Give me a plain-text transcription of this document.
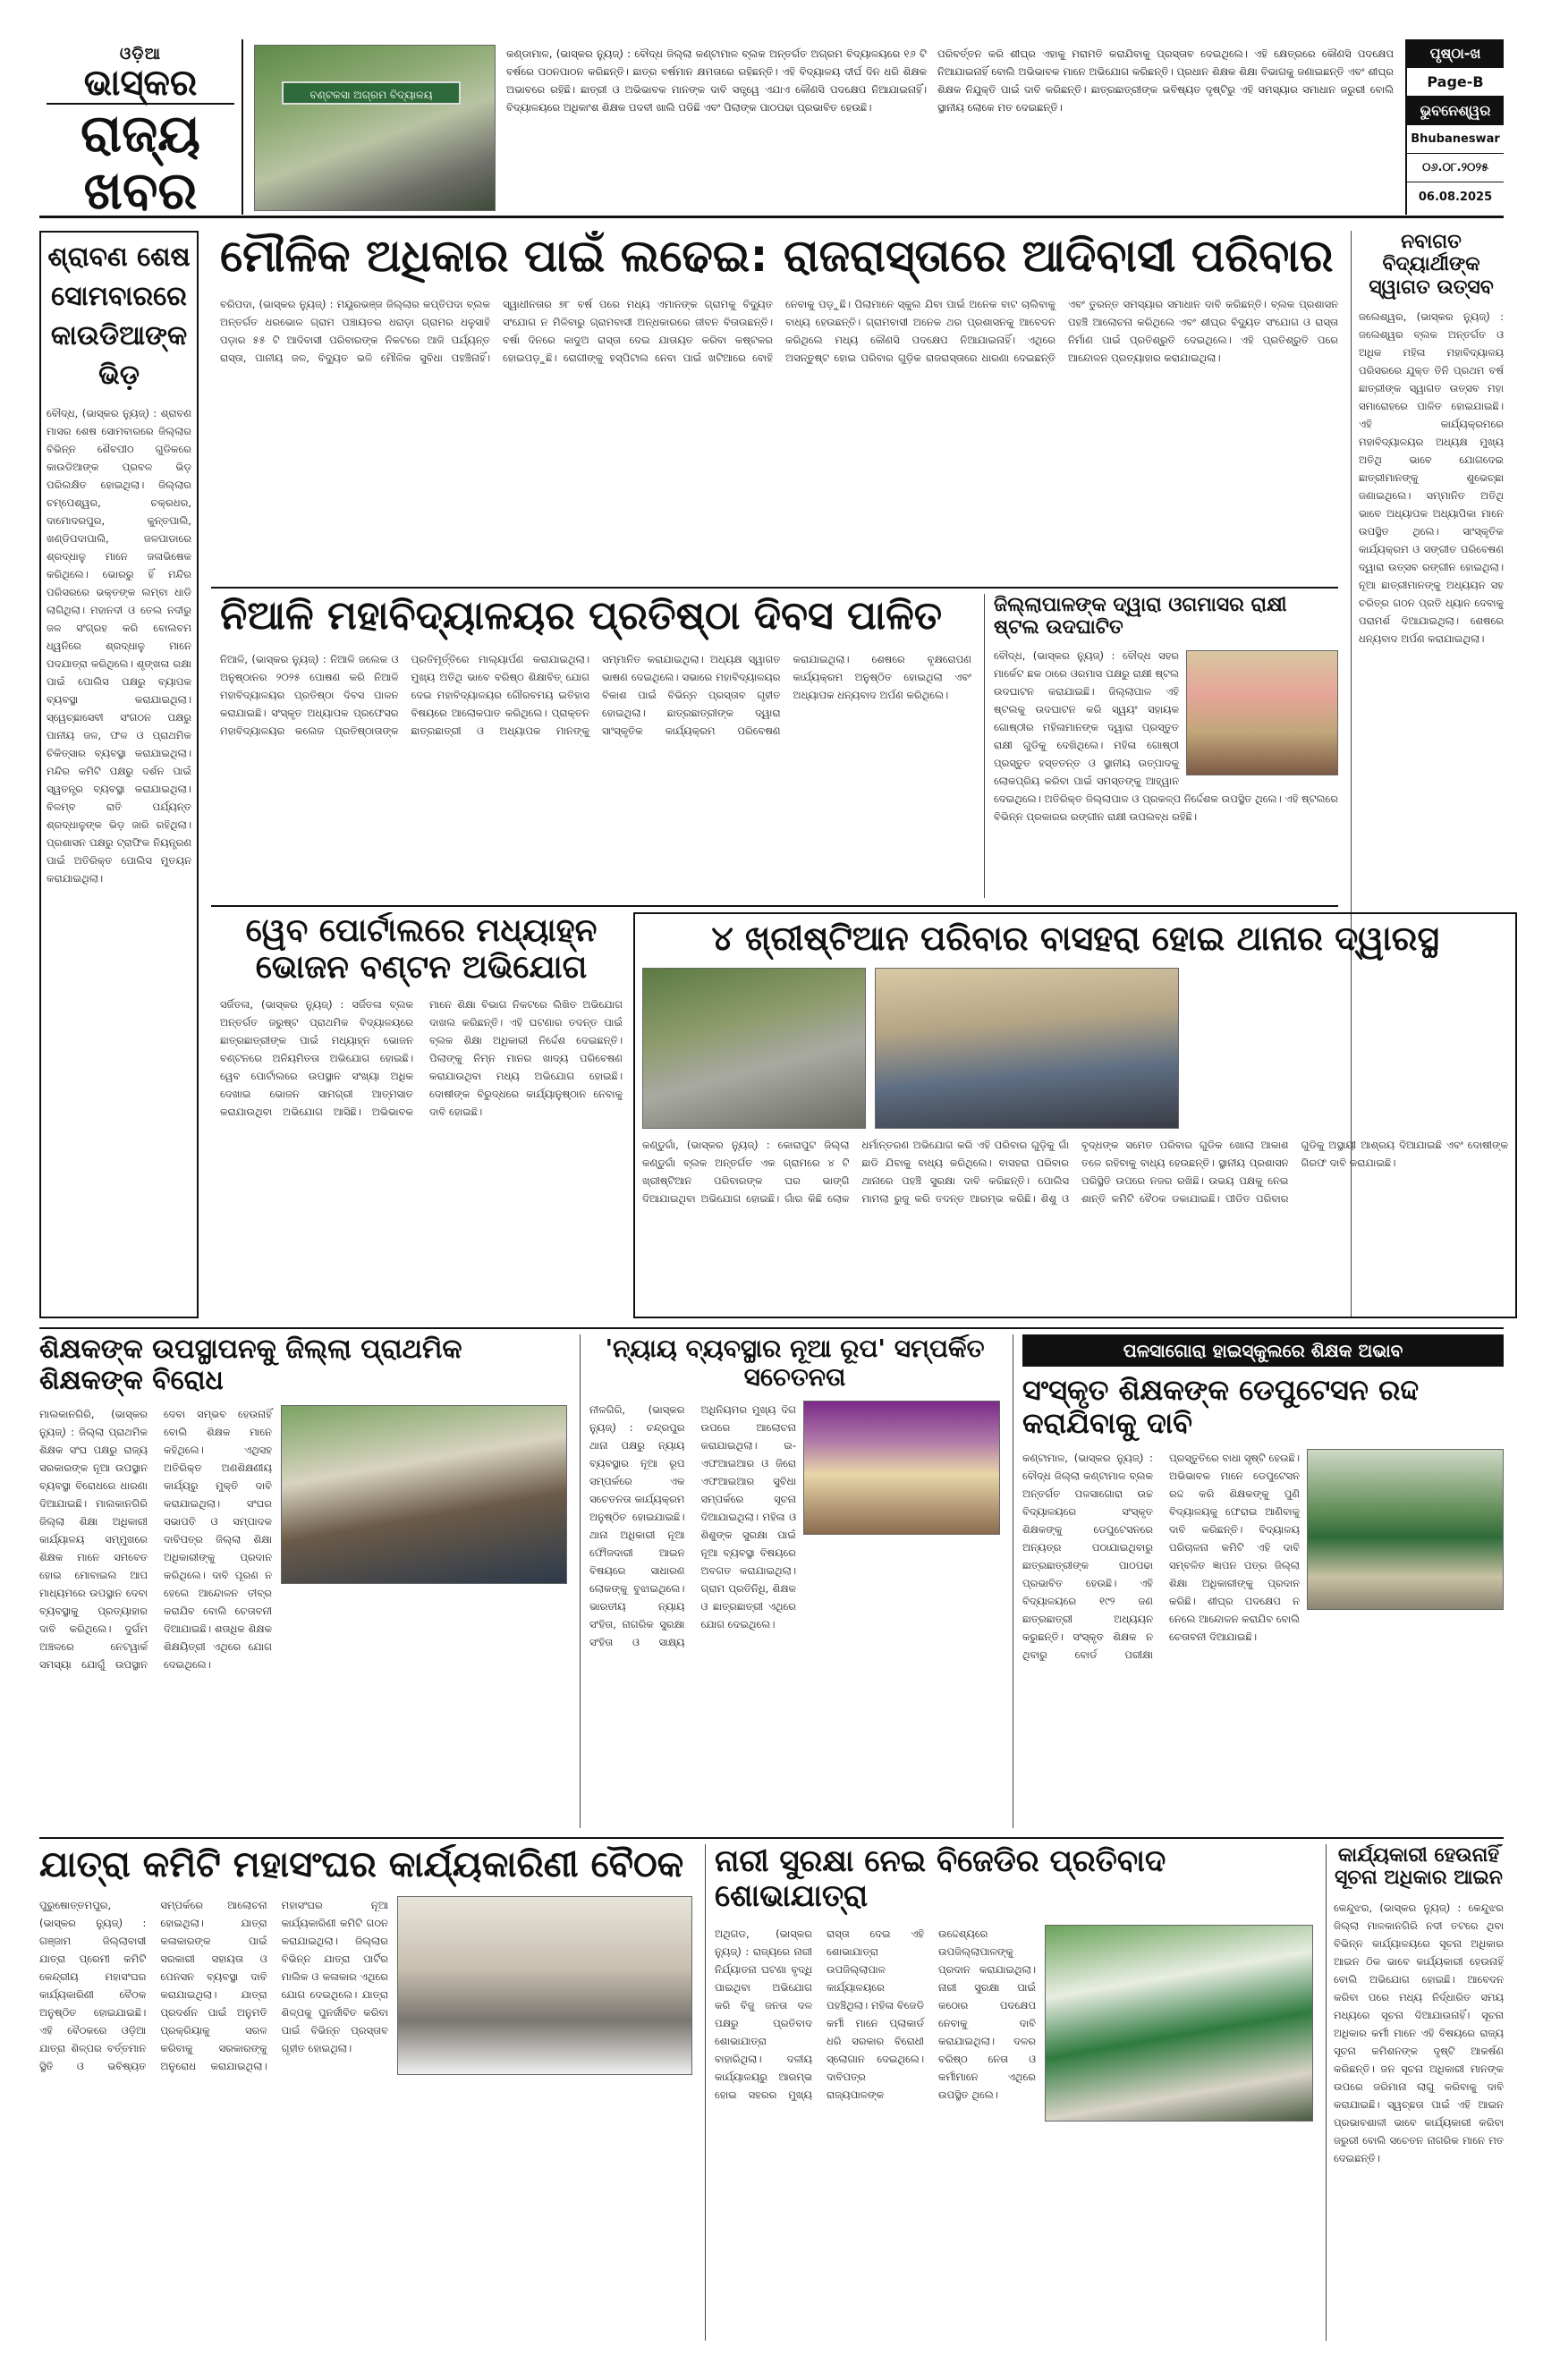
ଓଡ଼ିଆ
ଭାସ୍କର
ରାଜ୍ୟ
ଖବର
ବଣ୍ଟକସା ଅଗ୍ରମ ବିଦ୍ୟାଳୟ
କଣ୍ଡାମାଳ, (ଭାସ୍କର ନ୍ୟୁଜ୍) : ବୌଦ୍ଧ ଜିଲ୍ଲା କଣ୍ଟାମାଳ ବ୍ଲକ ଅନ୍ତର୍ଗତ ଅଗ୍ରମ ବିଦ୍ୟାଳୟରେ ୧୬ ଟି ବର୍ଷରେ ପଠନପାଠନ କରିଛନ୍ତି। ଛାତ୍ର ବର୍ଷମାନ କ୍ଷମତାରେ ରହିଛନ୍ତି। ଏହି ବିଦ୍ୟାଳୟ ଦୀର୍ଘ ଦିନ ଧରି ଶିକ୍ଷକ ଅଭାବରେ ରହିଛି। ଛାତ୍ରୀ ଓ ଅଭିଭାବକ ମାନଙ୍କ ଦାବି ସତ୍ତ୍ୱେ ଏଯାଏ କୌଣସି ପଦକ୍ଷେପ ନିଆଯାଇନାହିଁ। ବିଦ୍ୟାଳୟରେ ଅଧିକାଂଶ ଶିକ୍ଷକ ପଦବୀ ଖାଲି ପଡିଛି ଏବଂ ପିଲାଙ୍କ ପାଠପଢା ପ୍ରଭାବିତ ହେଉଛି।
ପରିବର୍ତ୍ତନ କରି ଶୀଘ୍ର ଏହାକୁ ମରାମତି କରାଯିବାକୁ ପ୍ରସ୍ତାବ ଦେଇଥିଲେ। ଏହି କ୍ଷେତ୍ରରେ କୌଣସି ପଦକ୍ଷେପ ନିଆଯାଇନାହିଁ ବୋଲି ଅଭିଭାବକ ମାନେ ଅଭିଯୋଗ କରିଛନ୍ତି। ପ୍ରଧାନ ଶିକ୍ଷକ ଶିକ୍ଷା ବିଭାଗକୁ ଜଣାଇଛନ୍ତି ଏବଂ ଶୀଘ୍ର ଶିକ୍ଷକ ନିଯୁକ୍ତି ପାଇଁ ଦାବି କରିଛନ୍ତି। ଛାତ୍ରଛାତ୍ରୀଙ୍କ ଭବିଷ୍ୟତ ଦୃଷ୍ଟିରୁ ଏହି ସମସ୍ୟାର ସମାଧାନ ଜରୁରୀ ବୋଲି ସ୍ଥାନୀୟ ଲୋକେ ମତ ଦେଇଛନ୍ତି।
ପୃଷ୍ଠା-ଖ
Page-B
ଭୁବନେଶ୍ୱର
Bhubaneswar
୦୬.୦୮.୨୦୨୫
06.08.2025
ଶ୍ରାବଣ ଶେଷ ସୋମବାରରେ କାଉଡିଆଙ୍କ ଭିଡ଼
ବୌଦ୍ଧ, (ଭାସ୍କର ନ୍ୟୁଜ୍) : ଶ୍ରାବଣ ମାସର ଶେଷ ସୋମବାରରେ ଜିଲ୍ଲାର ବିଭିନ୍ନ ଶୈବପୀଠ ଗୁଡିକରେ କାଉଡିଆଙ୍କ ପ୍ରବଳ ଭିଡ଼ ପରିଲକ୍ଷିତ ହୋଇଥିଲା। ଜିଲ୍ଲାର ଚମ୍ପେଶ୍ୱର, ଚକ୍ରଧର, ଦାମୋଦରପୁର, କୁନ୍ତପାଲି, ଖଣ୍ଡିପଦାପାଲି, ଜଳପାଡାରେ ଶ୍ରଦ୍ଧାଳୁ ମାନେ ଜଳାଭିଷେକ କରିଥିଲେ। ଭୋରରୁ ହିଁ ମନ୍ଦିର ପରିସରରେ ଭକ୍ତଙ୍କ ଲମ୍ବା ଧାଡି ଲାଗିଥିଲା। ମହାନଦୀ ଓ ତେଲ ନଦୀରୁ ଜଳ ସଂଗ୍ରହ କରି ବୋଲବମ ଧ୍ୱନିରେ ଶ୍ରଦ୍ଧାଳୁ ମାନେ ପଦଯାତ୍ରା କରିଥିଲେ। ଶୃଙ୍ଖଳା ରକ୍ଷା ପାଇଁ ପୋଲିସ ପକ୍ଷରୁ ବ୍ୟାପକ ବ୍ୟବସ୍ଥା କରାଯାଇଥିଲା। ସ୍ୱେଚ୍ଛାସେବୀ ସଂଗଠନ ପକ୍ଷରୁ ପାନୀୟ ଜଳ, ଫଳ ଓ ପ୍ରାଥମିକ ଚିକିତ୍ସାର ବ୍ୟବସ୍ଥା କରାଯାଇଥିଲା। ମନ୍ଦିର କମିଟି ପକ୍ଷରୁ ଦର୍ଶନ ପାଇଁ ସ୍ୱତନ୍ତ୍ର ବ୍ୟବସ୍ଥା କରାଯାଇଥିଲା। ବିଳମ୍ବ ରାତି ପର୍ଯ୍ୟନ୍ତ ଶ୍ରଦ୍ଧାଳୁଙ୍କ ଭିଡ଼ ଜାରି ରହିଥିଲା। ପ୍ରଶାସନ ପକ୍ଷରୁ ଟ୍ରାଫିକ ନିୟନ୍ତ୍ରଣ ପାଇଁ ଅତିରିକ୍ତ ପୋଲିସ ମୁତୟନ କରାଯାଇଥିଲା।
ମୌଳିକ ଅଧିକାର ପାଇଁ ଲଢେଇ: ରାଜରାସ୍ତାରେ ଆଦିବାସୀ ପରିବାର
ବରିପଦା, (ଭାସ୍କର ନ୍ୟୁଜ୍) : ମୟୂରଭଞ୍ଜ ଜିଲ୍ଲାର କପ୍ତିପଦା ବ୍ଲକ ଅନ୍ତର୍ଗତ ଧରଭୋଳ ଗ୍ରାମ ପଞ୍ଚାୟତର ଧରାଡ଼ା ଗ୍ରାମର ଧଳୁସାହି ପଡ଼ାର ୫୫ ଟି ଆଦିବାସୀ ପରିବାରଙ୍କ ନିକଟରେ ଆଜି ପର୍ଯ୍ୟନ୍ତ ରାସ୍ତା, ପାନୀୟ ଜଳ, ବିଦ୍ୟୁତ ଭଳି ମୌଳିକ ସୁବିଧା ପହଞ୍ଚିନାହିଁ। ସ୍ୱାଧୀନତାର ୭୮ ବର୍ଷ ପରେ ମଧ୍ୟ ଏମାନଙ୍କ ଗ୍ରାମକୁ ବିଦ୍ୟୁତ ସଂଯୋଗ ନ ମିଳିବାରୁ ଗ୍ରାମବାସୀ ଅନ୍ଧକାରରେ ଜୀବନ ବିତାଉଛନ୍ତି। ବର୍ଷା ଦିନରେ କାଦୁଅ ରାସ୍ତା ଦେଇ ଯାତାୟତ କରିବା କଷ୍ଟକର ହୋଇପଡ଼ୁଛି। ରୋଗୀଙ୍କୁ ହସ୍ପିଟାଲ ନେବା ପାଇଁ ଖଟିଆରେ ବୋହି ନେବାକୁ ପଡ଼ୁଛି। ପିଲାମାନେ ସ୍କୁଲ ଯିବା ପାଇଁ ଅନେକ ବାଟ ଚାଲିବାକୁ ବାଧ୍ୟ ହେଉଛନ୍ତି। ଗ୍ରାମବାସୀ ଅନେକ ଥର ପ୍ରଶାସନକୁ ଆବେଦନ କରିଥିଲେ ମଧ୍ୟ କୌଣସି ପଦକ୍ଷେପ ନିଆଯାଇନାହିଁ। ଏଥିରେ ଅସନ୍ତୁଷ୍ଟ ହୋଇ ପରିବାର ଗୁଡ଼ିକ ରାଜରାସ୍ତାରେ ଧାରଣା ଦେଇଛନ୍ତି ଏବଂ ତୁରନ୍ତ ସମସ୍ୟାର ସମାଧାନ ଦାବି କରିଛନ୍ତି। ବ୍ଲକ ପ୍ରଶାସନ ପହଞ୍ଚି ଆଲୋଚନା କରିଥିଲେ ଏବଂ ଶୀଘ୍ର ବିଦ୍ୟୁତ ସଂଯୋଗ ଓ ରାସ୍ତା ନିର୍ମାଣ ପାଇଁ ପ୍ରତିଶ୍ରୁତି ଦେଇଥିଲେ। ଏହି ପ୍ରତିଶ୍ରୁତି ପରେ ଆନ୍ଦୋଳନ ପ୍ରତ୍ୟାହାର କରାଯାଇଥିଲା।
ନବାଗତ ବିଦ୍ୟାର୍ଥୀଙ୍କ ସ୍ୱାଗତ ଉତ୍ସବ
ଜଲେଶ୍ୱର, (ଭାସ୍କର ନ୍ୟୁଜ୍) : ଜଲେଶ୍ୱର ବ୍ଲକ ଅନ୍ତର୍ଗତ ଓ ଅଧିକ ମହିଳା ମହାବିଦ୍ୟାଳୟ ପରିସରରେ ଯୁକ୍ତ ତିନି ପ୍ରଥମ ବର୍ଷ ଛାତ୍ରୀଙ୍କ ସ୍ୱାଗତ ଉତ୍ସବ ମହା ସମାରୋହରେ ପାଳିତ ହୋଇଯାଇଛି। ଏହି କାର୍ଯ୍ୟକ୍ରମରେ ମହାବିଦ୍ୟାଳୟର ଅଧ୍ୟକ୍ଷ ମୁଖ୍ୟ ଅତିଥି ଭାବେ ଯୋଗଦେଇ ଛାତ୍ରୀମାନଙ୍କୁ ଶୁଭେଚ୍ଛା ଜଣାଇଥିଲେ। ସମ୍ମାନିତ ଅତିଥି ଭାବେ ଅଧ୍ୟାପକ ଅଧ୍ୟାପିକା ମାନେ ଉପସ୍ଥିତ ଥିଲେ। ସାଂସ୍କୃତିକ କାର୍ଯ୍ୟକ୍ରମ ଓ ସଙ୍ଗୀତ ପରିବେଷଣ ଦ୍ୱାରା ଉତ୍ସବ ରଙ୍ଗୀନ ହୋଇଥିଲା। ନୂଆ ଛାତ୍ରୀମାନଙ୍କୁ ଅଧ୍ୟୟନ ସହ ଚରିତ୍ର ଗଠନ ପ୍ରତି ଧ୍ୟାନ ଦେବାକୁ ପରାମର୍ଶ ଦିଆଯାଇଥିଲା। ଶେଷରେ ଧନ୍ୟବାଦ ଅର୍ପଣ କରାଯାଇଥିଲା।
ନିଆଳି ମହାବିଦ୍ୟାଳୟର ପ୍ରତିଷ୍ଠା ଦିବସ ପାଳିତ
ନିଆଳି, (ଭାସ୍କର ନ୍ୟୁଜ୍) : ନିଆଳି ଜଲେକ ଓ ଅନୁଷ୍ଠାନର ୨୦୨୫ ପୋଷଣ କରି ନିଆଳି ମହାବିଦ୍ୟାଳୟର ପ୍ରତିଷ୍ଠା ଦିବସ ପାଳନ କରାଯାଇଛି। ସଂସ୍କୃତ ଅଧ୍ୟାପକ ପ୍ରଫେସର ମହାବିଦ୍ୟାଳୟର କଲେଜ ପ୍ରତିଷ୍ଠାତାଙ୍କ ପ୍ରତିମୂର୍ତ୍ତିରେ ମାଲ୍ୟାର୍ପଣ କରାଯାଇଥିଲା। ମୁଖ୍ୟ ଅତିଥି ଭାବେ ବରିଷ୍ଠ ଶିକ୍ଷାବିତ୍ ଯୋଗ ଦେଇ ମହାବିଦ୍ୟାଳୟର ଗୌରବମୟ ଇତିହାସ ବିଷୟରେ ଆଲୋକପାତ କରିଥିଲେ। ପ୍ରାକ୍ତନ ଛାତ୍ରଛାତ୍ରୀ ଓ ଅଧ୍ୟାପକ ମାନଙ୍କୁ ସମ୍ମାନିତ କରାଯାଇଥିଲା। ଅଧ୍ୟକ୍ଷ ସ୍ୱାଗତ ଭାଷଣ ଦେଇଥିଲେ। ସଭାରେ ମହାବିଦ୍ୟାଳୟର ବିକାଶ ପାଇଁ ବିଭିନ୍ନ ପ୍ରସ୍ତାବ ଗୃହୀତ ହୋଇଥିଲା। ଛାତ୍ରଛାତ୍ରୀଙ୍କ ଦ୍ୱାରା ସାଂସ୍କୃତିକ କାର୍ଯ୍ୟକ୍ରମ ପରିବେଷଣ କରାଯାଇଥିଲା। ଶେଷରେ ବୃକ୍ଷରୋପଣ କାର୍ଯ୍ୟକ୍ରମ ଅନୁଷ୍ଠିତ ହୋଇଥିଲା ଏବଂ ଅଧ୍ୟାପକ ଧନ୍ୟବାଦ ଅର୍ପଣ କରିଥିଲେ।
ଜିଲ୍ଲାପାଳଙ୍କ ଦ୍ୱାରା ଓଗମାସର ରାକ୍ଷୀ ଷ୍ଟଲ ଉଦଘାଟିତ
ବୌଦ୍ଧ, (ଭାସ୍କର ନ୍ୟୁଜ୍) : ବୌଦ୍ଧ ସହର ମାର୍କେଟ ଛକ ଠାରେ ଓରମାସ ପକ୍ଷରୁ ରାକ୍ଷୀ ଷ୍ଟଲ ଉଦଘାଟନ କରାଯାଇଛି। ଜିଲ୍ଲାପାଳ ଏହି ଷ୍ଟଲକୁ ଉଦଘାଟନ କରି ସ୍ୱୟଂ ସହାୟକ ଗୋଷ୍ଠୀର ମହିଳାମାନଙ୍କ ଦ୍ୱାରା ପ୍ରସ୍ତୁତ ରାକ୍ଷୀ ଗୁଡିକୁ ଦେଖିଥିଲେ। ମହିଳା ଗୋଷ୍ଠୀ ପ୍ରସ୍ତୁତ ହସ୍ତତନ୍ତ ଓ ସ୍ଥାନୀୟ ଉତ୍ପାଦକୁ ଲୋକପ୍ରିୟ କରିବା ପାଇଁ ସମସ୍ତଙ୍କୁ ଆହ୍ୱାନ ଦେଇଥିଲେ। ଅତିରିକ୍ତ ଜିଲ୍ଲାପାଳ ଓ ପ୍ରକଳ୍ପ ନିର୍ଦ୍ଦେଶକ ଉପସ୍ଥିତ ଥିଲେ। ଏହି ଷ୍ଟଲରେ ବିଭିନ୍ନ ପ୍ରକାରର ରଙ୍ଗୀନ ରାକ୍ଷୀ ଉପଲବ୍ଧ ରହିଛି।
ୱେବ ପୋର୍ଟାଲରେ ମଧ୍ୟାହ୍ନ ଭୋଜନ ବଣ୍ଟନ ଅଭିଯୋଗ
ସର୍ଜିତଳା, (ଭାସ୍କର ନ୍ୟୁଜ୍) : ସର୍ଜିତଳା ବ୍ଲକ ଅନ୍ତର୍ଗତ ଜରୁଷ୍ଟ ପ୍ରାଥମିକ ବିଦ୍ୟାଳୟରେ ଛାତ୍ରଛାତ୍ରୀଙ୍କ ପାଇଁ ମଧ୍ୟାହ୍ନ ଭୋଜନ ବଣ୍ଟନରେ ଅନିୟମିତତା ଅଭିଯୋଗ ହୋଇଛି। ୱେବ ପୋର୍ଟାଲରେ ଉପସ୍ଥାନ ସଂଖ୍ୟା ଅଧିକ ଦେଖାଇ ଭୋଜନ ସାମଗ୍ରୀ ଆତ୍ମସାତ କରାଯାଉଥିବା ଅଭିଯୋଗ ଆସିଛି। ଅଭିଭାବକ ମାନେ ଶିକ୍ଷା ବିଭାଗ ନିକଟରେ ଲିଖିତ ଅଭିଯୋଗ ଦାଖଲ କରିଛନ୍ତି। ଏହି ଘଟଣାର ତଦନ୍ତ ପାଇଁ ବ୍ଲକ ଶିକ୍ଷା ଅଧିକାରୀ ନିର୍ଦ୍ଦେଶ ଦେଇଛନ୍ତି। ପିଲାଙ୍କୁ ନିମ୍ନ ମାନର ଖାଦ୍ୟ ପରିବେଷଣ କରାଯାଉଥିବା ମଧ୍ୟ ଅଭିଯୋଗ ହୋଇଛି। ଦୋଷୀଙ୍କ ବିରୁଦ୍ଧରେ କାର୍ଯ୍ୟାନୁଷ୍ଠାନ ନେବାକୁ ଦାବି ହୋଇଛି।
୪ ଖ୍ରୀଷ୍ଟିଆନ ପରିବାର ବାସହରା ହୋଇ ଥାନାର ଦ୍ୱାରସ୍ଥ
କଣ୍ଡୁଗାଁ, (ଭାସ୍କର ନ୍ୟୁଜ୍) : କୋରାପୁଟ ଜିଲ୍ଲା କଣ୍ଡୁଗାଁ ବ୍ଲକ ଅନ୍ତର୍ଗତ ଏକ ଗ୍ରାମରେ ୪ ଟି ଖ୍ରୀଷ୍ଟିଆନ ପରିବାରଙ୍କ ଘର ଭାଙ୍ଗି ଦିଆଯାଇଥିବା ଅଭିଯୋଗ ହୋଇଛି। ଗାଁର କିଛି ଲୋକ ଧର୍ମାନ୍ତରଣ ଅଭିଯୋଗ କରି ଏହି ପରିବାର ଗୁଡ଼ିକୁ ଗାଁ ଛାଡି ଯିବାକୁ ବାଧ୍ୟ କରିଥିଲେ। ବାସହରା ପରିବାର ଥାନାରେ ପହଞ୍ଚି ସୁରକ୍ଷା ଦାବି କରିଛନ୍ତି। ପୋଲିସ ମାମଲା ରୁଜୁ କରି ତଦନ୍ତ ଆରମ୍ଭ କରିଛି। ଶିଶୁ ଓ ବୃଦ୍ଧଙ୍କ ସମେତ ପରିବାର ଗୁଡିକ ଖୋଲା ଆକାଶ ତଳେ ରହିବାକୁ ବାଧ୍ୟ ହେଉଛନ୍ତି। ସ୍ଥାନୀୟ ପ୍ରଶାସନ ପରିସ୍ଥିତି ଉପରେ ନଜର ରଖିଛି। ଉଭୟ ପକ୍ଷକୁ ନେଇ ଶାନ୍ତି କମିଟି ବୈଠକ ଡକାଯାଇଛି। ପୀଡିତ ପରିବାର ଗୁଡିକୁ ଅସ୍ଥାୟୀ ଆଶ୍ରୟ ଦିଆଯାଇଛି ଏବଂ ଦୋଷୀଙ୍କ ଗିରଫ ଦାବି କରାଯାଇଛି।
ଶିକ୍ଷକଙ୍କ ଉପସ୍ଥାପନକୁ ଜିଲ୍ଲା ପ୍ରାଥମିକ ଶିକ୍ଷକଙ୍କ ବିରୋଧ
ମାଲକାନଗିରି, (ଭାସ୍କର ନ୍ୟୁଜ୍) : ଜିଲ୍ଲା ପ୍ରାଥମିକ ଶିକ୍ଷକ ସଂଘ ପକ୍ଷରୁ ରାଜ୍ୟ ସରକାରଙ୍କ ନୂଆ ଉପସ୍ଥାନ ବ୍ୟବସ୍ଥା ବିରୋଧରେ ଧାରଣା ଦିଆଯାଇଛି। ମାଲକାନଗିରି ଜିଲ୍ଲା ଶିକ୍ଷା ଅଧିକାରୀ କାର୍ଯ୍ୟାଳୟ ସମ୍ମୁଖରେ ଶିକ୍ଷକ ମାନେ ସମବେତ ହୋଇ ମୋବାଇଲ ଆପ ମାଧ୍ୟମରେ ଉପସ୍ଥାନ ଦେବା ବ୍ୟବସ୍ଥାକୁ ପ୍ରତ୍ୟାହାର ଦାବି କରିଥିଲେ। ଦୁର୍ଗମ ଅଞ୍ଚଳରେ ନେଟୱାର୍କ ସମସ୍ୟା ଯୋଗୁଁ ଉପସ୍ଥାନ ଦେବା ସମ୍ଭବ ହେଉନାହିଁ ବୋଲି ଶିକ୍ଷକ ମାନେ କହିଥିଲେ। ଏଥିସହ ଅତିରିକ୍ତ ଅଣଶିକ୍ଷଣୀୟ କାର୍ଯ୍ୟରୁ ମୁକ୍ତି ଦାବି କରାଯାଇଥିଲା। ସଂଘର ସଭାପତି ଓ ସମ୍ପାଦକ ଦାବିପତ୍ର ଜିଲ୍ଲା ଶିକ୍ଷା ଅଧିକାରୀଙ୍କୁ ପ୍ରଦାନ କରିଥିଲେ। ଦାବି ପୂରଣ ନ ହେଲେ ଆନ୍ଦୋଳନ ତୀବ୍ର କରାଯିବ ବୋଲି ଚେତାବନୀ ଦିଆଯାଇଛି। ଶତାଧିକ ଶିକ୍ଷକ ଶିକ୍ଷୟିତ୍ରୀ ଏଥିରେ ଯୋଗ ଦେଇଥିଲେ।
'ନ୍ୟାୟ ବ୍ୟବସ୍ଥାର ନୂଆ ରୂପ' ସମ୍ପର୍କିତ ସଚେତନତା
ନୀଳଗିରି, (ଭାସ୍କର ନ୍ୟୁଜ୍) : ଚନ୍ଦ୍ରପୁର ଥାନା ପକ୍ଷରୁ ନ୍ୟାୟ ବ୍ୟବସ୍ଥାର ନୂଆ ରୂପ ସମ୍ପର୍କରେ ଏକ ସଚେତନତା କାର୍ଯ୍ୟକ୍ରମ ଅନୁଷ୍ଠିତ ହୋଇଯାଇଛି। ଥାନା ଅଧିକାରୀ ନୂଆ ଫୌଜଦାରୀ ଆଇନ ବିଷୟରେ ସାଧାରଣ ଲୋକଙ୍କୁ ବୁଝାଇଥିଲେ। ଭାରତୀୟ ନ୍ୟାୟ ସଂହିତା, ନାଗରିକ ସୁରକ୍ଷା ସଂହିତା ଓ ସାକ୍ଷ୍ୟ ଅଧିନିୟମର ମୁଖ୍ୟ ଦିଗ ଉପରେ ଆଲୋଚନା କରାଯାଇଥିଲା। ଇ-ଏଫଆଇଆର ଓ ଜିରୋ ଏଫଆଇଆର ସୁବିଧା ସମ୍ପର୍କରେ ସୂଚନା ଦିଆଯାଇଥିଲା। ମହିଳା ଓ ଶିଶୁଙ୍କ ସୁରକ୍ଷା ପାଇଁ ନୂଆ ବ୍ୟବସ୍ଥା ବିଷୟରେ ଅବଗତ କରାଯାଇଥିଲା। ଗ୍ରାମ ପ୍ରତିନିଧି, ଶିକ୍ଷକ ଓ ଛାତ୍ରଛାତ୍ରୀ ଏଥିରେ ଯୋଗ ଦେଇଥିଲେ।
ପଳସାଗୋରା ହାଇସ୍କୁଲରେ ଶିକ୍ଷକ ଅଭାବ
ସଂସ୍କୃତ ଶିକ୍ଷକଙ୍କ ଡେପୁଟେସନ ରଦ୍ଦ କରାଯିବାକୁ ଦାବି
କଣ୍ଟାମାଳ, (ଭାସ୍କର ନ୍ୟୁଜ୍) : ବୌଦ୍ଧ ଜିଲ୍ଲା କଣ୍ଟାମାଳ ବ୍ଲକ ଅନ୍ତର୍ଗତ ପଳସାଗୋରା ଉଚ୍ଚ ବିଦ୍ୟାଳୟରେ ସଂସ୍କୃତ ଶିକ୍ଷକଙ୍କୁ ଡେପୁଟେସନରେ ଅନ୍ୟତ୍ର ପଠାଯାଇଥିବାରୁ ଛାତ୍ରଛାତ୍ରୀଙ୍କ ପାଠପଢା ପ୍ରଭାବିତ ହେଉଛି। ଏହି ବିଦ୍ୟାଳୟରେ ୧୯୨ ଜଣ ଛାତ୍ରଛାତ୍ରୀ ଅଧ୍ୟୟନ କରୁଛନ୍ତି। ସଂସ୍କୃତ ଶିକ୍ଷକ ନ ଥିବାରୁ ବୋର୍ଡ ପରୀକ୍ଷା ପ୍ରସ୍ତୁତିରେ ବାଧା ସୃଷ୍ଟି ହେଉଛି। ଅଭିଭାବକ ମାନେ ଡେପୁଟେସନ ରଦ୍ଦ କରି ଶିକ୍ଷକଙ୍କୁ ପୁଣି ବିଦ୍ୟାଳୟକୁ ଫେରାଇ ଆଣିବାକୁ ଦାବି କରିଛନ୍ତି। ବିଦ୍ୟାଳୟ ପରିଚାଳନା କମିଟି ଏହି ଦାବି ସମ୍ବଳିତ ଜ୍ଞାପନ ପତ୍ର ଜିଲ୍ଲା ଶିକ୍ଷା ଅଧିକାରୀଙ୍କୁ ପ୍ରଦାନ କରିଛି। ଶୀଘ୍ର ପଦକ୍ଷେପ ନ ନେଲେ ଆନ୍ଦୋଳନ କରାଯିବ ବୋଲି ଚେତାବନୀ ଦିଆଯାଇଛି।
ଯାତ୍ରା କମିଟି ମହାସଂଘର କାର୍ଯ୍ୟକାରିଣୀ ବୈଠକ
ପୁରୁଷୋତ୍ତମପୁର, (ଭାସ୍କର ନ୍ୟୁଜ୍) : ଗଞ୍ଜାମ ଜିଲ୍ଲାବାସୀ ଯାତ୍ରା ପ୍ରେମୀ କମିଟି କେନ୍ଦ୍ରୀୟ ମହାସଂଘର କାର୍ଯ୍ୟକାରିଣୀ ବୈଠକ ଅନୁଷ୍ଠିତ ହୋଇଯାଇଛି। ଏହି ବୈଠକରେ ଓଡ଼ିଆ ଯାତ୍ରା ଶିଳ୍ପର ବର୍ତ୍ତମାନ ସ୍ଥିତି ଓ ଭବିଷ୍ୟତ ସମ୍ପର୍କରେ ଆଲୋଚନା ହୋଇଥିଲା। ଯାତ୍ରା କଳାକାରଙ୍କ ପାଇଁ ସରକାରୀ ସହାୟତା ଓ ପେନସନ ବ୍ୟବସ୍ଥା ଦାବି କରାଯାଇଥିଲା। ଯାତ୍ରା ପ୍ରଦର୍ଶନ ପାଇଁ ଅନୁମତି ପ୍ରକ୍ରିୟାକୁ ସରଳ କରିବାକୁ ସରକାରଙ୍କୁ ଅନୁରୋଧ କରାଯାଇଥିଲା। ମହାସଂଘର ନୂଆ କାର୍ଯ୍ୟକାରିଣୀ କମିଟି ଗଠନ କରାଯାଇଥିଲା। ଜିଲ୍ଲାର ବିଭିନ୍ନ ଯାତ୍ରା ପାର୍ଟିର ମାଲିକ ଓ କଳାକାର ଏଥିରେ ଯୋଗ ଦେଇଥିଲେ। ଯାତ୍ରା ଶିଳ୍ପକୁ ପୁନର୍ଜୀବିତ କରିବା ପାଇଁ ବିଭିନ୍ନ ପ୍ରସ୍ତାବ ଗୃହୀତ ହୋଇଥିଲା।
ନାରୀ ସୁରକ୍ଷା ନେଇ ବିଜେଡିର ପ୍ରତିବାଦ ଶୋଭାଯାତ୍ରା
ଅଥିଗଡ, (ଭାସ୍କର ନ୍ୟୁଜ୍) : ରାଜ୍ୟରେ ନାରୀ ନିର୍ଯ୍ୟାତନା ଘଟଣା ବୃଦ୍ଧି ପାଇଥିବା ଅଭିଯୋଗ କରି ବିଜୁ ଜନତା ଦଳ ପକ୍ଷରୁ ପ୍ରତିବାଦ ଶୋଭାଯାତ୍ରା ବାହାରିଥିଲା। ଦଳୀୟ କାର୍ଯ୍ୟାଳୟରୁ ଆରମ୍ଭ ହୋଇ ସହରର ମୁଖ୍ୟ ରାସ୍ତା ଦେଇ ଏହି ଶୋଭାଯାତ୍ରା ଉପଜିଲ୍ଲାପାଳ କାର୍ଯ୍ୟାଳୟରେ ପହଞ୍ଚିଥିଲା। ମହିଳା ବିଜେଡି କର୍ମୀ ମାନେ ପ୍ଲାକାର୍ଡ ଧରି ସରକାର ବିରୋଧୀ ସ୍ଲୋଗାନ ଦେଇଥିଲେ। ଦାବିପତ୍ର ରାଜ୍ୟପାଳଙ୍କ ଉଦ୍ଦେଶ୍ୟରେ ଉପଜିଲ୍ଲାପାଳଙ୍କୁ ପ୍ରଦାନ କରାଯାଇଥିଲା। ନାରୀ ସୁରକ୍ଷା ପାଇଁ କଠୋର ପଦକ୍ଷେପ ନେବାକୁ ଦାବି କରାଯାଇଥିଲା। ଦଳର ବରିଷ୍ଠ ନେତା ଓ କର୍ମୀମାନେ ଏଥିରେ ଉପସ୍ଥିତ ଥିଲେ।
କାର୍ଯ୍ୟକାରୀ ହେଉନାହିଁ ସୂଚନା ଅଧିକାର ଆଇନ
କେନ୍ଦୁଝର, (ଭାସ୍କର ନ୍ୟୁଜ୍) : କେନ୍ଦୁଝର ଜିଲ୍ଲା ମାଳକାନଗିରି ନଦୀ ତଟରେ ଥିବା ବିଭିନ୍ନ କାର୍ଯ୍ୟାଳୟରେ ସୂଚନା ଅଧିକାର ଆଇନ ଠିକ ଭାବେ କାର୍ଯ୍ୟକାରୀ ହେଉନାହିଁ ବୋଲି ଅଭିଯୋଗ ହୋଇଛି। ଆବେଦନ କରିବା ପରେ ମଧ୍ୟ ନିର୍ଦ୍ଧାରିତ ସମୟ ମଧ୍ୟରେ ସୂଚନା ଦିଆଯାଉନାହିଁ। ସୂଚନା ଅଧିକାର କର୍ମୀ ମାନେ ଏହି ବିଷୟରେ ରାଜ୍ୟ ସୂଚନା କମିଶନଙ୍କ ଦୃଷ୍ଟି ଆକର୍ଷଣ କରିଛନ୍ତି। ଜନ ସୂଚନା ଅଧିକାରୀ ମାନଙ୍କ ଉପରେ ଜରିମାନା ଲାଗୁ କରିବାକୁ ଦାବି କରାଯାଇଛି। ସ୍ୱଚ୍ଛତା ପାଇଁ ଏହି ଆଇନ ପ୍ରଭାବଶାଳୀ ଭାବେ କାର୍ଯ୍ୟକାରୀ କରିବା ଜରୁରୀ ବୋଲି ସଚେତନ ନାଗରିକ ମାନେ ମତ ଦେଇଛନ୍ତି।
